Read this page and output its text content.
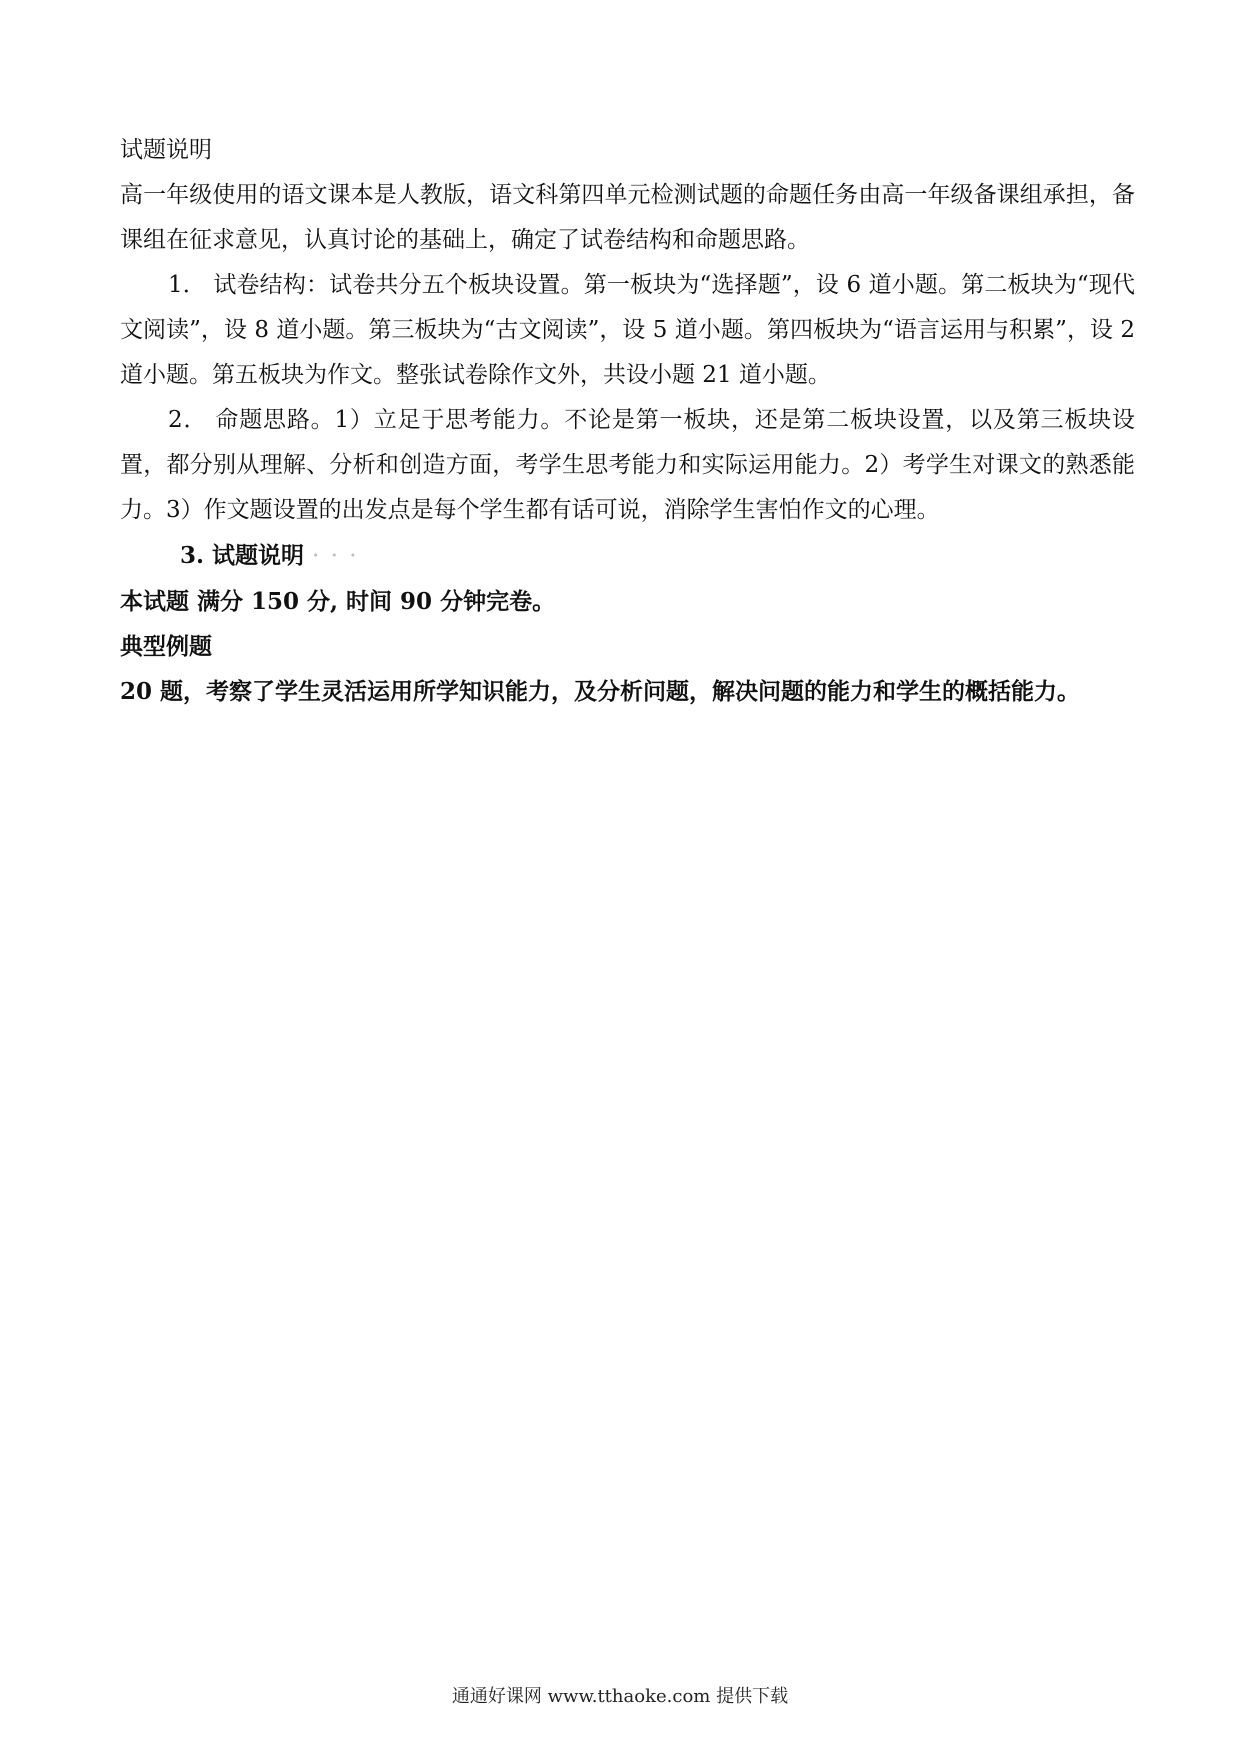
试题说明

高一年级使用的语文课本是人教版，语文科第四单元检测试题的命题任务由高一年级备课组承担，备课组在征求意见，认真讨论的基础上，确定了试卷结构和命题思路。

1． 试卷结构：试卷共分五个板块设置。第一板块为“选择题”，设 6 道小题。第二板块为“现代文阅读”，设 8 道小题。第三板块为“古文阅读”，设 5 道小题。第四板块为“语言运用与积累”，设 2 道小题。第五板块为作文。整张试卷除作文外，共设小题 21 道小题。

2． 命题思路。1）立足于思考能力。不论是第一板块，还是第二板块设置，以及第三板块设置，都分别从理解、分析和创造方面，考学生思考能力和实际运用能力。2）考学生对课文的熟悉能力。3）作文题设置的出发点是每个学生都有话可说，消除学生害怕作文的心理。

3. 试题说明 · · ·

本试题 满分 150 分, 时间 90 分钟完卷。

典型例题

20 题，考察了学生灵活运用所学知识能力，及分析问题，解决问题的能力和学生的概括能力。

通通好课网 www.tthaoke.com 提供下载
